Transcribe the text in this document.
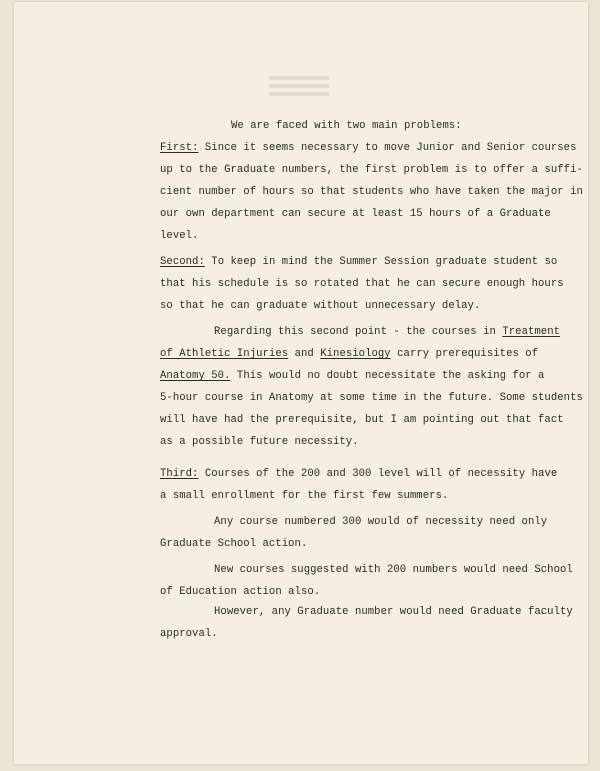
We are faced with two main problems:
First: Since it seems necessary to move Junior and Senior courses
up to the Graduate numbers, the first problem is to offer a suffi-
cient number of hours so that students who have taken the major in
our own department can secure at least 15 hours of a Graduate
level.
Second: To keep in mind the Summer Session graduate student so
that his schedule is so rotated that he can secure enough hours
so that he can graduate without unnecessary delay.
Regarding this second point - the courses in Treatment
of Athletic Injuries and Kinesiology carry prerequisites of
Anatomy 50. This would no doubt necessitate the asking for a
5-hour course in Anatomy at some time in the future. Some students
will have had the prerequisite, but I am pointing out that fact
as a possible future necessity.
Third: Courses of the 200 and 300 level will of necessity have
a small enrollment for the first few summers.
Any course numbered 300 would of necessity need only
Graduate School action.
New courses suggested with 200 numbers would need School
of Education action also.
However, any Graduate number would need Graduate faculty
approval.
